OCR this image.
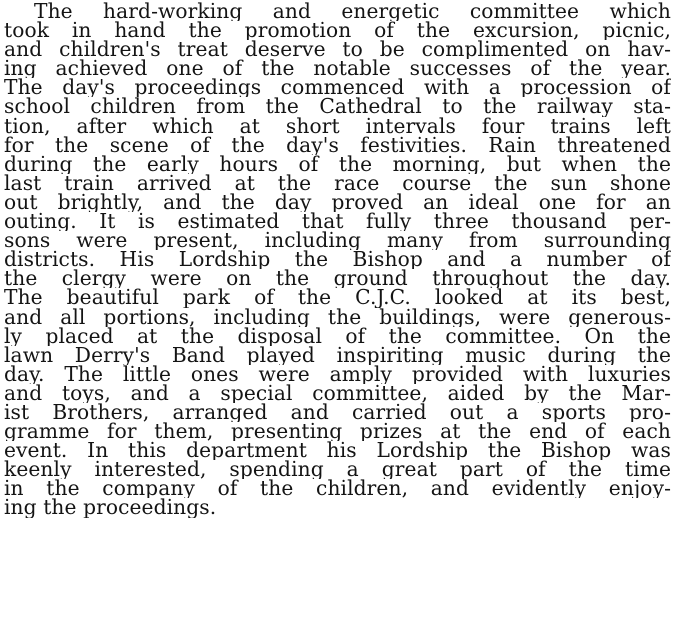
The hard-working and energetic committee which
took in hand the promotion of the excursion, picnic,
and children's treat deserve to be complimented on hav-
ing achieved one of the notable successes of the year.
The day's proceedings commenced with a procession of
school children from the Cathedral to the railway sta-
tion, after which at short intervals four trains left
for the scene of the day's festivities. Rain threatened
during the early hours of the morning, but when the
last train arrived at the race course the sun shone
out brightly, and the day proved an ideal one for an
outing. It is estimated that fully three thousand per-
sons were present, including many from surrounding
districts. His Lordship the Bishop and a number of
the clergy were on the ground throughout the day.
The beautiful park of the C.J.C. looked at its best,
and all portions, including the buildings, were generous-
ly placed at the disposal of the committee. On the
lawn Derry's Band played inspiriting music during the
day. The little ones were amply provided with luxuries
and toys, and a special committee, aided by the Mar-
ist Brothers, arranged and carried out a sports pro-
gramme for them, presenting prizes at the end of each
event. In this department his Lordship the Bishop was
keenly interested, spending a great part of the time
in the company of the children, and evidently enjoy-
ing the proceedings.
